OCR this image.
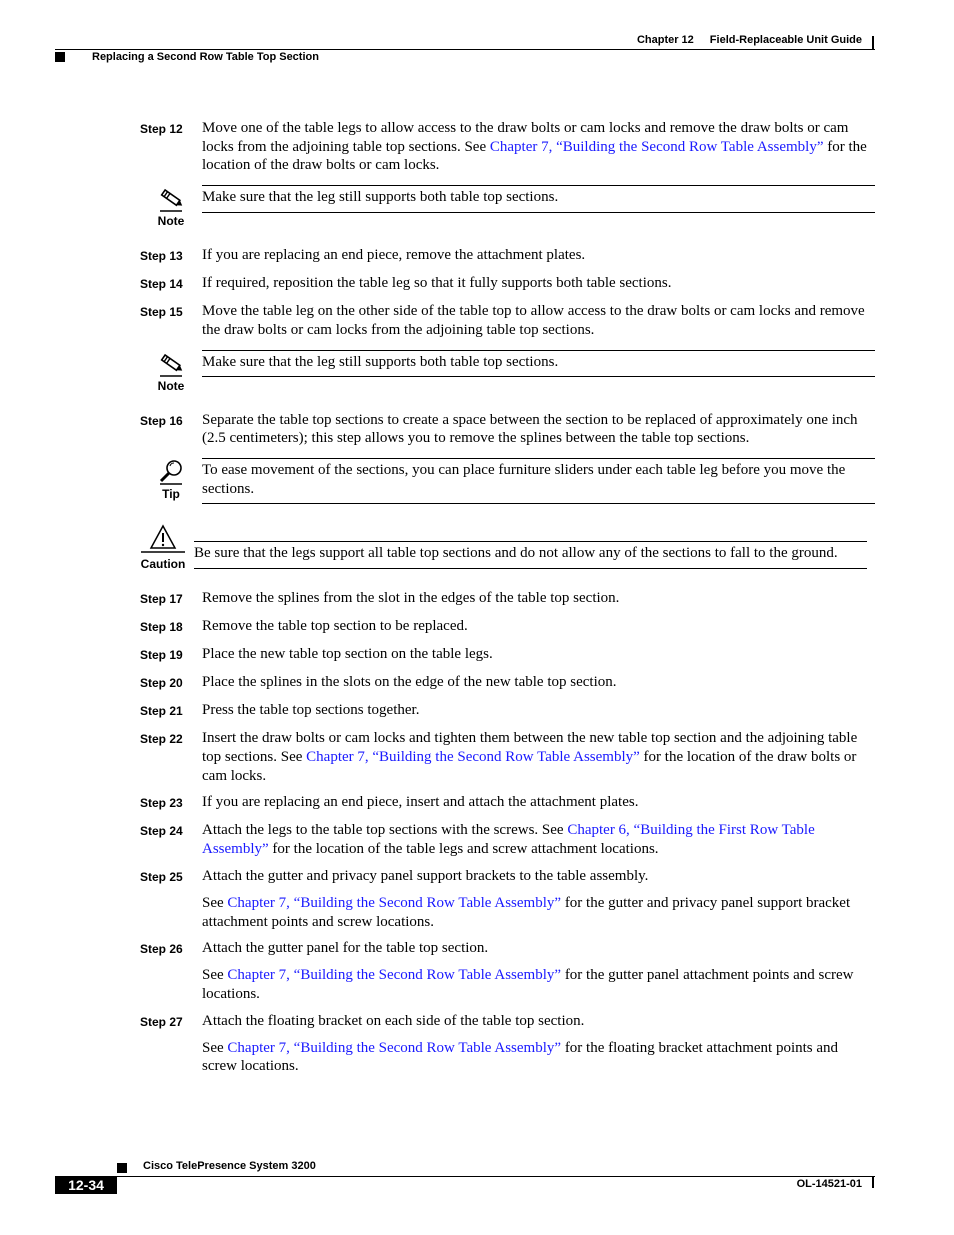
Chapter 12 Field-Replaceable Unit Guide
Replacing a Second Row Table Top Section
Step 12	Move one of the table legs to allow access to the draw bolts or cam locks and remove the draw bolts or cam locks from the adjoining table top sections. See Chapter 7, “Building the Second Row Table Assembly” for the location of the draw bolts or cam locks.
Note
Make sure that the leg still supports both table top sections.
Step 13	If you are replacing an end piece, remove the attachment plates.
Step 14	If required, reposition the table leg so that it fully supports both table sections.
Step 15	Move the table leg on the other side of the table top to allow access to the draw bolts or cam locks and remove the draw bolts or cam locks from the adjoining table top sections.
Note
Make sure that the leg still supports both table top sections.
Step 16	Separate the table top sections to create a space between the section to be replaced of approximately one inch (2.5 centimeters); this step allows you to remove the splines between the table top sections.
Tip
To ease movement of the sections, you can place furniture sliders under each table leg before you move the sections.
Caution
Be sure that the legs support all table top sections and do not allow any of the sections to fall to the ground.
Step 17	Remove the splines from the slot in the edges of the table top section.
Step 18	Remove the table top section to be replaced.
Step 19	Place the new table top section on the table legs.
Step 20	Place the splines in the slots on the edge of the new table top section.
Step 21	Press the table top sections together.
Step 22	Insert the draw bolts or cam locks and tighten them between the new table top section and the adjoining table top sections. See Chapter 7, “Building the Second Row Table Assembly” for the location of the draw bolts or cam locks.
Step 23	If you are replacing an end piece, insert and attach the attachment plates.
Step 24	Attach the legs to the table top sections with the screws. See Chapter 6, “Building the First Row Table Assembly” for the location of the table legs and screw attachment locations.
Step 25	Attach the gutter and privacy panel support brackets to the table assembly.
See Chapter 7, “Building the Second Row Table Assembly” for the gutter and privacy panel support bracket attachment points and screw locations.
Step 26	Attach the gutter panel for the table top section.
See Chapter 7, “Building the Second Row Table Assembly” for the gutter panel attachment points and screw locations.
Step 27	Attach the floating bracket on each side of the table top section.
See Chapter 7, “Building the Second Row Table Assembly” for the floating bracket attachment points and screw locations.
Cisco TelePresence System 3200
12-34	OL-14521-01
